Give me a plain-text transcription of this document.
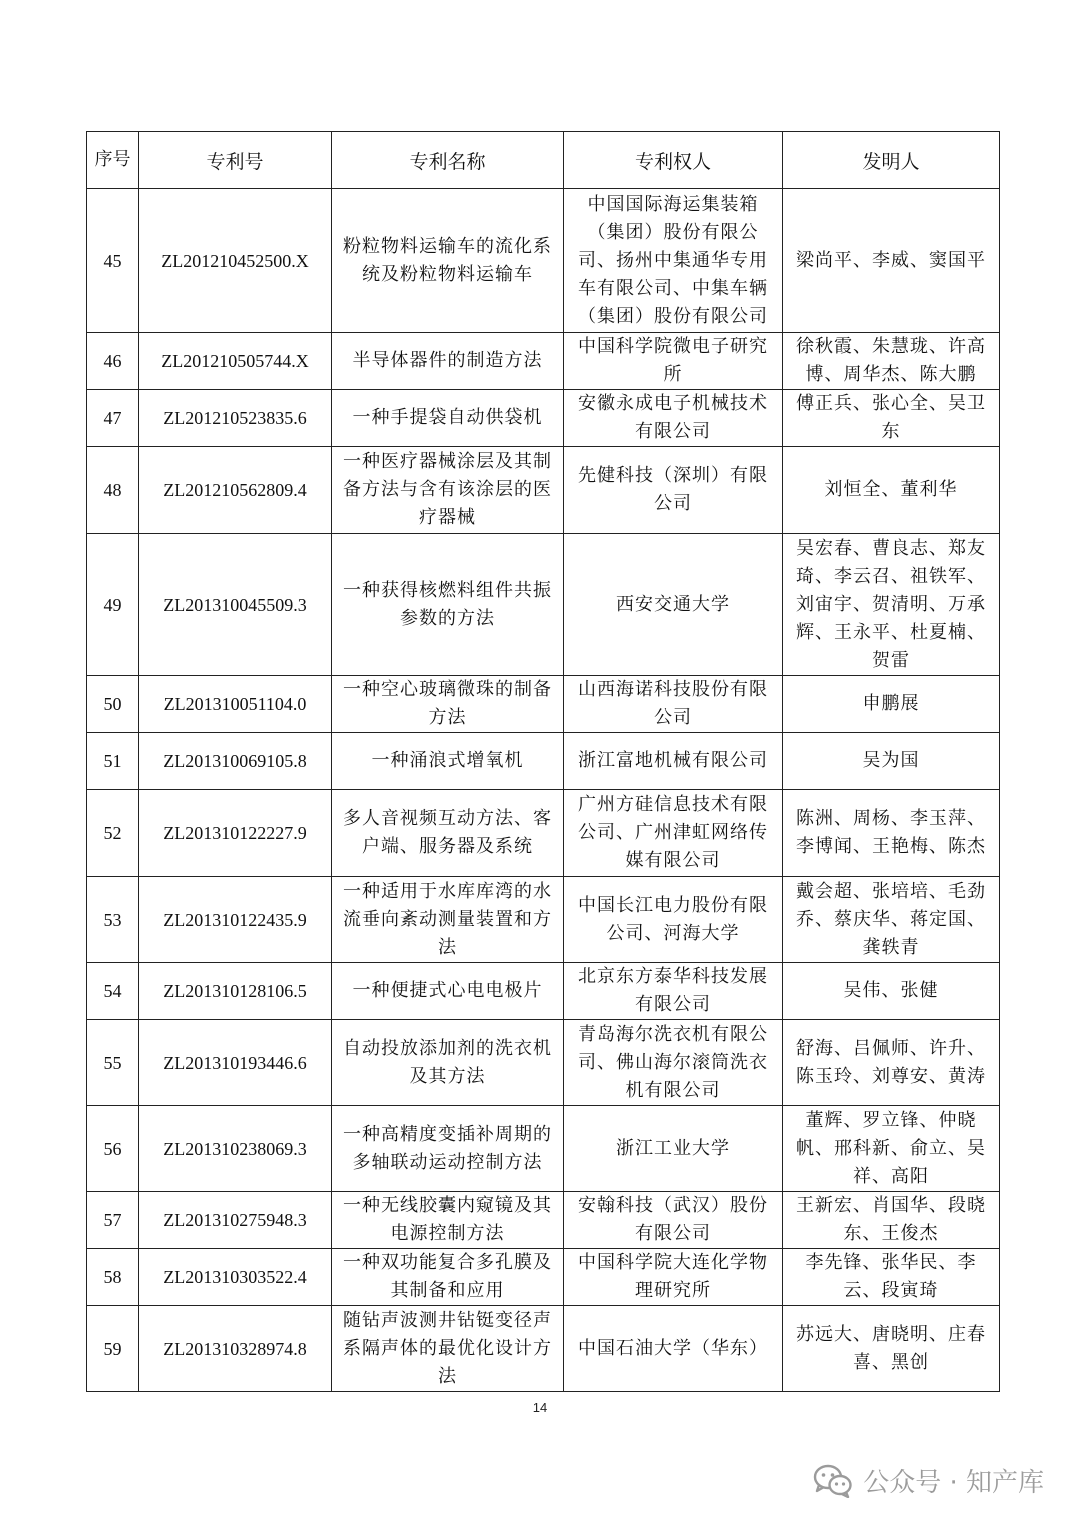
序号	专利号	专利名称	专利权人	发明人
45	ZL201210452500.X	粉粒物料运输车的流化系统及粉粒物料运输车	中国国际海运集装箱（集团）股份有限公司、扬州中集通华专用车有限公司、中集车辆（集团）股份有限公司	梁尚平、李威、窦国平
46	ZL201210505744.X	半导体器件的制造方法	中国科学院微电子研究所	徐秋霞、朱慧珑、许高博、周华杰、陈大鹏
47	ZL201210523835.6	一种手提袋自动供袋机	安徽永成电子机械技术有限公司	傅正兵、张心全、吴卫东
48	ZL201210562809.4	一种医疗器械涂层及其制备方法与含有该涂层的医疗器械	先健科技（深圳）有限公司	刘恒全、董利华
49	ZL201310045509.3	一种获得核燃料组件共振参数的方法	西安交通大学	吴宏春、曹良志、郑友琦、李云召、祖铁军、刘宙宇、贺清明、万承辉、王永平、杜夏楠、贺雷
50	ZL201310051104.0	一种空心玻璃微珠的制备方法	山西海诺科技股份有限公司	申鹏展
51	ZL201310069105.8	一种涌浪式增氧机	浙江富地机械有限公司	吴为国
52	ZL201310122227.9	多人音视频互动方法、客户端、服务器及系统	广州方硅信息技术有限公司、广州津虹网络传媒有限公司	陈洲、周杨、李玉萍、李博闻、王艳梅、陈杰
53	ZL201310122435.9	一种适用于水库库湾的水流垂向紊动测量装置和方法	中国长江电力股份有限公司、河海大学	戴会超、张培培、毛劲乔、蔡庆华、蒋定国、龚轶青
54	ZL201310128106.5	一种便捷式心电电极片	北京东方泰华科技发展有限公司	吴伟、张健
55	ZL201310193446.6	自动投放添加剂的洗衣机及其方法	青岛海尔洗衣机有限公司、佛山海尔滚筒洗衣机有限公司	舒海、吕佩师、许升、陈玉玲、刘尊安、黄涛
56	ZL201310238069.3	一种高精度变插补周期的多轴联动运动控制方法	浙江工业大学	董辉、罗立锋、仲晓帆、邢科新、俞立、吴祥、高阳
57	ZL201310275948.3	一种无线胶囊内窥镜及其电源控制方法	安翰科技（武汉）股份有限公司	王新宏、肖国华、段晓东、王俊杰
58	ZL201310303522.4	一种双功能复合多孔膜及其制备和应用	中国科学院大连化学物理研究所	李先锋、张华民、李云、段寅琦
59	ZL201310328974.8	随钻声波测井钻铤变径声系隔声体的最优化设计方法	中国石油大学（华东）	苏远大、唐晓明、庄春喜、黑创
14
公众号 · 知产库
